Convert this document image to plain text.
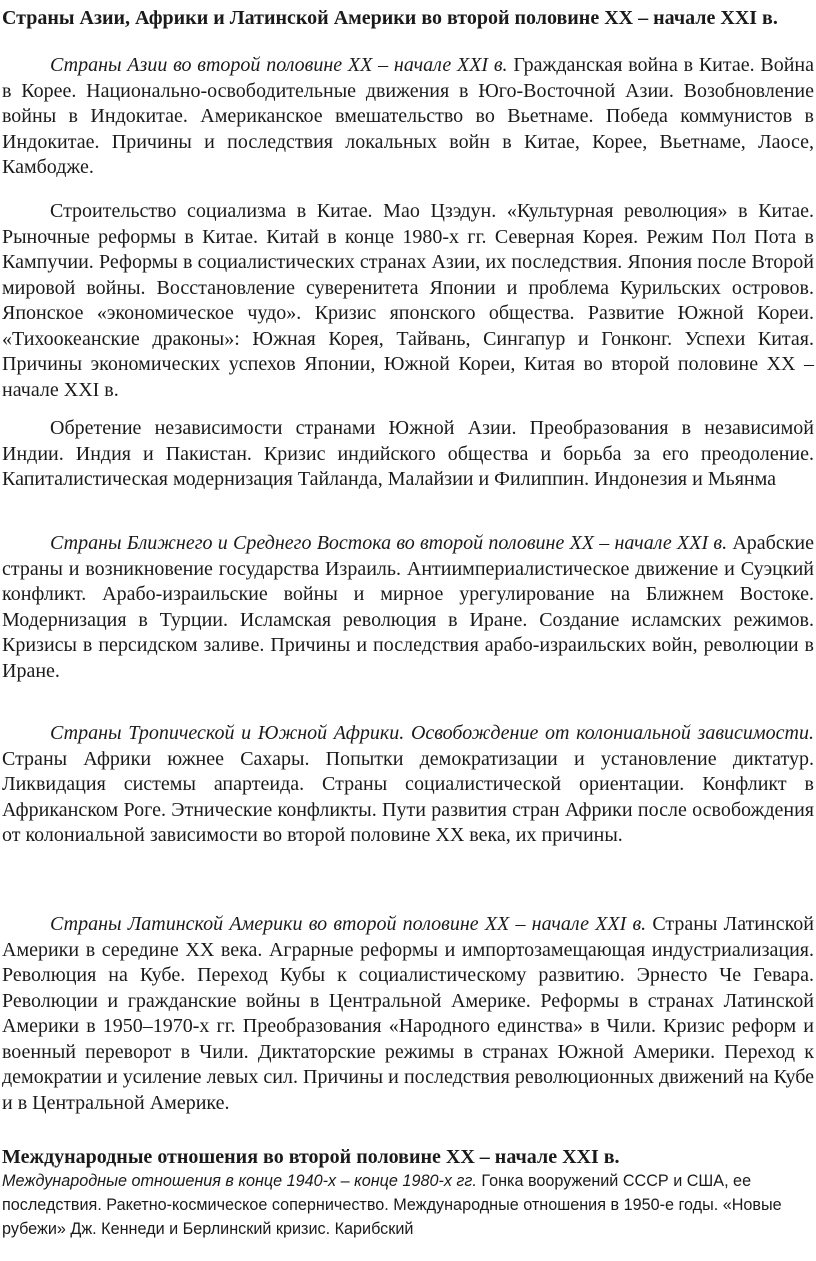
Страны Азии, Африки и Латинской Америки во второй половине XX – начале XXI в.

Страны Азии во второй половине XX – начале XXI в. Гражданская война в Китае. Война в Корее. Национально-освободительные движения в Юго-Восточной Азии. Возобновление войны в Индокитае. Американское вмешательство во Вьетнаме. Победа коммунистов в Индокитае. Причины и последствия локальных войн в Китае, Корее, Вьетнаме, Лаосе, Камбодже.

Строительство социализма в Китае. Мао Цзэдун. «Культурная революция» в Китае. Рыночные реформы в Китае. Китай в конце 1980-х гг. Северная Корея. Режим Пол Пота в Кампучии. Реформы в социалистических странах Азии, их последствия. Япония после Второй мировой войны. Восстановление суверенитета Японии и проблема Курильских островов. Японское «экономическое чудо». Кризис японского общества. Развитие Южной Кореи. «Тихоокеанские драконы»: Южная Корея, Тайвань, Сингапур и Гонконг. Успехи Китая. Причины экономических успехов Японии, Южной Кореи, Китая во второй половине XX – начале XXI в.

Обретение независимости странами Южной Азии. Преобразования в независимой Индии. Индия и Пакистан. Кризис индийского общества и борьба за его преодоление. Капиталистическая модернизация Тайланда, Малайзии и Филиппин. Индонезия и Мьянма

Страны Ближнего и Среднего Востока во второй половине XX – начале XXI в. Арабские страны и возникновение государства Израиль. Антиимпериалистическое движение и Суэцкий конфликт. Арабо-израильские войны и мирное урегулирование на Ближнем Востоке. Модернизация в Турции. Исламская революция в Иране. Создание исламских режимов. Кризисы в персидском заливе. Причины и последствия арабо-израильских войн, революции в Иране.

Страны Тропической и Южной Африки. Освобождение от колониальной зависимости. Страны Африки южнее Сахары. Попытки демократизации и установление диктатур. Ликвидация системы апартеида. Страны социалистической ориентации. Конфликт в Африканском Роге. Этнические конфликты. Пути развития стран Африки после освобождения от колониальной зависимости во второй половине XX века, их причины.

Страны Латинской Америки во второй половине XX – начале XXI в. Страны Латинской Америки в середине XX века. Аграрные реформы и импортозамещающая индустриализация. Революция на Кубе. Переход Кубы к социалистическому развитию. Эрнесто Че Гевара. Революции и гражданские войны в Центральной Америке. Реформы в странах Латинской Америки в 1950–1970-х гг. Преобразования «Народного единства» в Чили. Кризис реформ и военный переворот в Чили. Диктаторские режимы в странах Южной Америки. Переход к демократии и усиление левых сил. Причины и последствия революционных движений на Кубе и в Центральной Америке.

Международные отношения во второй половине XX – начале XXI в.

Международные отношения в конце 1940-х – конце 1980-х гг. Гонка вооружений СССР и США, ее последствия. Ракетно-космическое соперничество. Международные отношения в 1950-е годы. «Новые рубежи» Дж. Кеннеди и Берлинский кризис. Карибский
